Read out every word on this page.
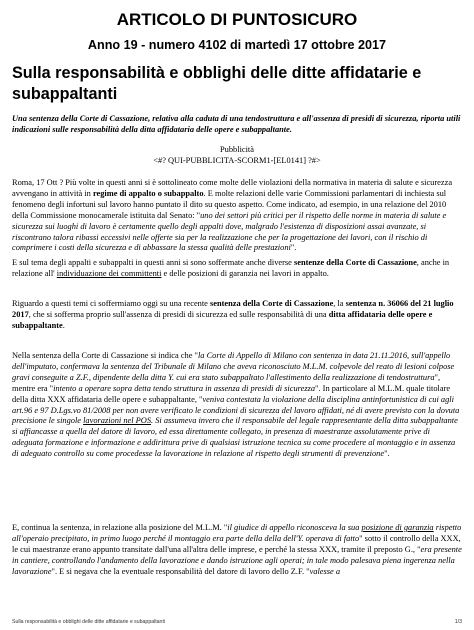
ARTICOLO DI PUNTOSICURO
Anno 19 - numero 4102 di martedì 17 ottobre 2017
Sulla responsabilità e obblighi delle ditte affidatarie e subappaltanti
Una sentenza della Corte di Cassazione, relativa alla caduta di una tendostruttura e all'assenza di presidi di sicurezza, riporta utili indicazioni sulle responsabilità della ditta affidataria delle opere e subappaltante.
Pubblicità
<#? QUI-PUBBLICITA-SCORM1-[EL0141] ?#>
Roma, 17 Ott ? Più volte in questi anni si è sottolineato come molte delle violazioni della normativa in materia di salute e sicurezza avvengano in attività in regime di appalto o subappalto. E molte relazioni delle varie Commissioni parlamentari di inchiesta sul fenomeno degli infortuni sul lavoro hanno puntato il dito su questo aspetto. Come indicato, ad esempio, in una relazione del 2010 della Commissione monocamerale istituita dal Senato: "uno dei settori più critici per il rispetto delle norme in materia di salute e sicurezza sui luoghi di lavoro è certamente quello degli appalti dove, malgrado l'esistenza di disposizioni assai avanzate, si riscontrano talora ribassi eccessivi nelle offerte sia per la realizzazione che per la progettazione dei lavori, con il rischio di comprimere i costi della sicurezza e di abbassare la stessa qualità delle prestazioni".
E sul tema degli appalti e subappalti in questi anni si sono soffermate anche diverse sentenze della Corte di Cassazione, anche in relazione all' individuazione dei committenti e delle posizioni di garanzia nei lavori in appalto.
Riguardo a questi temi ci soffermiamo oggi su una recente sentenza della Corte di Cassazione, la sentenza n. 36066 del 21 luglio 2017, che si sofferma proprio sull'assenza di presidi di sicurezza ed sulle responsabilità di una ditta affidataria delle opere e subappaltante.
Nella sentenza della Corte di Cassazione si indica che "la Corte di Appello di Milano con sentenza in data 21.11.2016, sull'appello dell'imputato, confermava la sentenza del Tribunale di Milano che aveva riconosciuto M.L.M. colpevole del reato di lesioni colpose gravi conseguite a Z.F., dipendente della ditta Y. cui era stato subappaltato l'allestimento della realizzazione di tendostruttura", mentre era "intento a operare sopra detta tendo struttura in assenza di presidi di sicurezza". In particolare al M.L.M. quale titolare della ditta XXX affidataria delle opere e subappaltante, "veniva contestata la violazione della disciplina antinfortunistica di cui agli art.96 e 97 D.Lgs.vo 81/2008 per non avere verificato le condizioni di sicurezza del lavoro affidati, né di avere previsto con la dovuta precisione le singole lavorazioni nel POS. Si assumeva invero che il responsabile del legale rappresentante della ditta subappaltante si affiancasse a quella del datore di lavoro, ed essa direttamente collegato, in presenza di maestranze assolutamente prive di adeguata formazione e informazione e addirittura prive di qualsiasi istruzione tecnica su come procedere al montaggio e in assenza di adeguato controllo su come procedesse la lavorazione in relazione al rispetto degli strumenti di prevenzione".
E, continua la sentenza, in relazione alla posizione del M.L.M. "il giudice di appello riconosceva la sua posizione di garanzia rispetto all'operaio precipitato, in primo luogo perché il montaggio era parte della della dell'Y. operava di fatto" sotto il controllo della XXX, le cui maestranze erano appunto transitate dall'una all'altra delle imprese, e perché la stessa XXX, tramite il preposto G., "era presente in cantiere, controllando l'andamento della lavorazione e dando istruzione agli operai; in tale modo palesava piena ingerenza nella lavorazione". E si negava che la eventuale responsabilità del datore di lavoro dello Z.F. "valesse a
Sulla responsabilità e obblighi delle ditte affidatarie e subappaltanti	1/3
